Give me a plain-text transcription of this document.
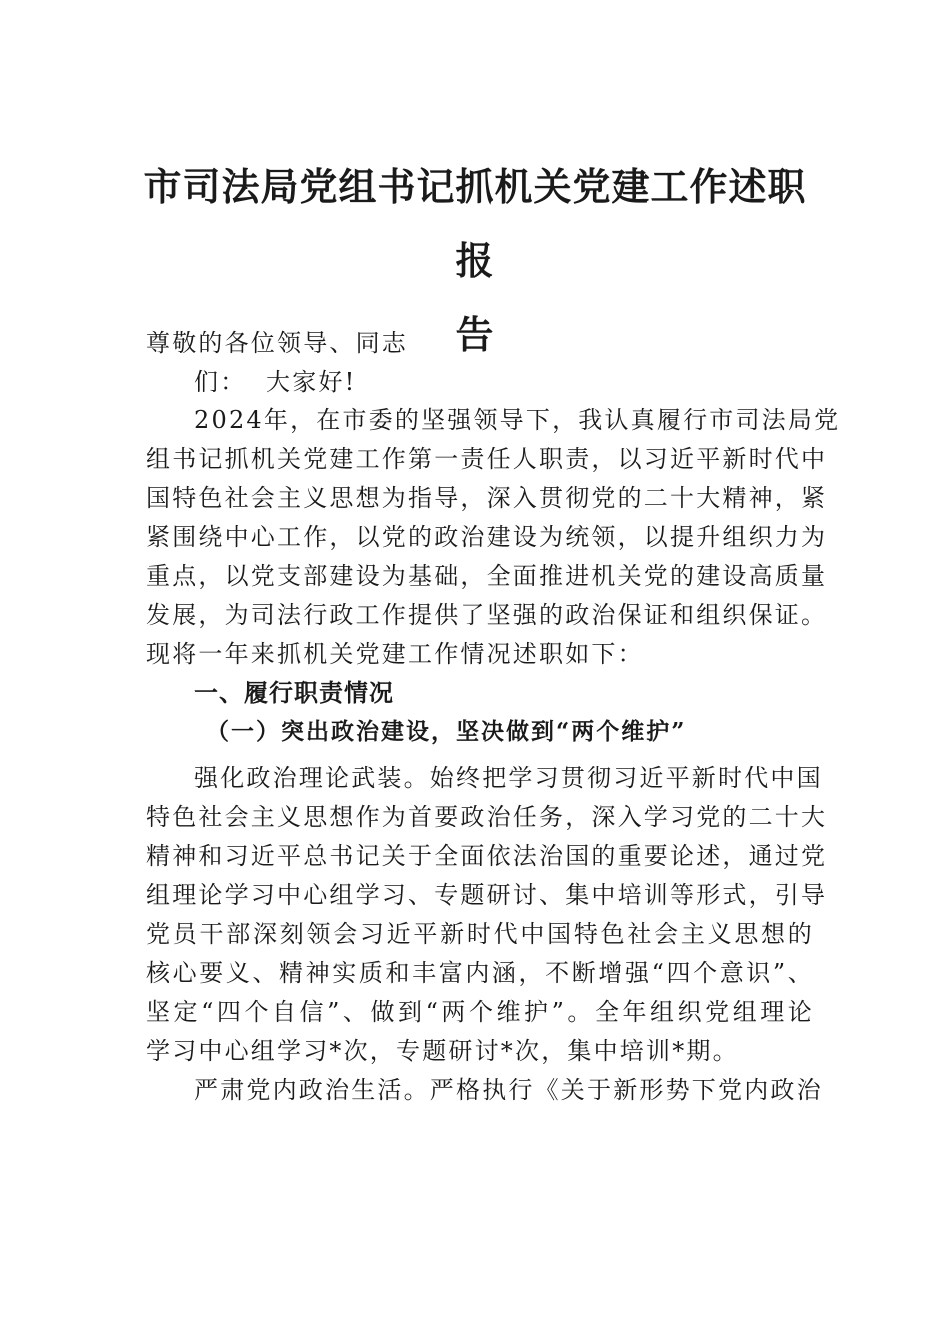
市司法局党组书记抓机关党建工作述职报
告
尊敬的各位领导、同志
们：  大家好!
2024年，在市委的坚强领导下，我认真履行市司法局党
组书记抓机关党建工作第一责任人职责，以习近平新时代中
国特色社会主义思想为指导，深入贯彻党的二十大精神，紧
紧围绕中心工作，以党的政治建设为统领，以提升组织力为
重点，以党支部建设为基础，全面推进机关党的建设高质量
发展，为司法行政工作提供了坚强的政治保证和组织保证。
现将一年来抓机关党建工作情况述职如下：
一、履行职责情况
（一）突出政治建设，坚决做到“两个维护”
强化政治理论武装。始终把学习贯彻习近平新时代中国
特色社会主义思想作为首要政治任务，深入学习党的二十大
精神和习近平总书记关于全面依法治国的重要论述，通过党
组理论学习中心组学习、专题研讨、集中培训等形式，引导
党员干部深刻领会习近平新时代中国特色社会主义思想的
核心要义、精神实质和丰富内涵，不断增强“四个意识”、
坚定“四个自信”、做到“两个维护”。全年组织党组理论
学习中心组学习*次，专题研讨*次，集中培训*期。
严肃党内政治生活。严格执行《关于新形势下党内政治
